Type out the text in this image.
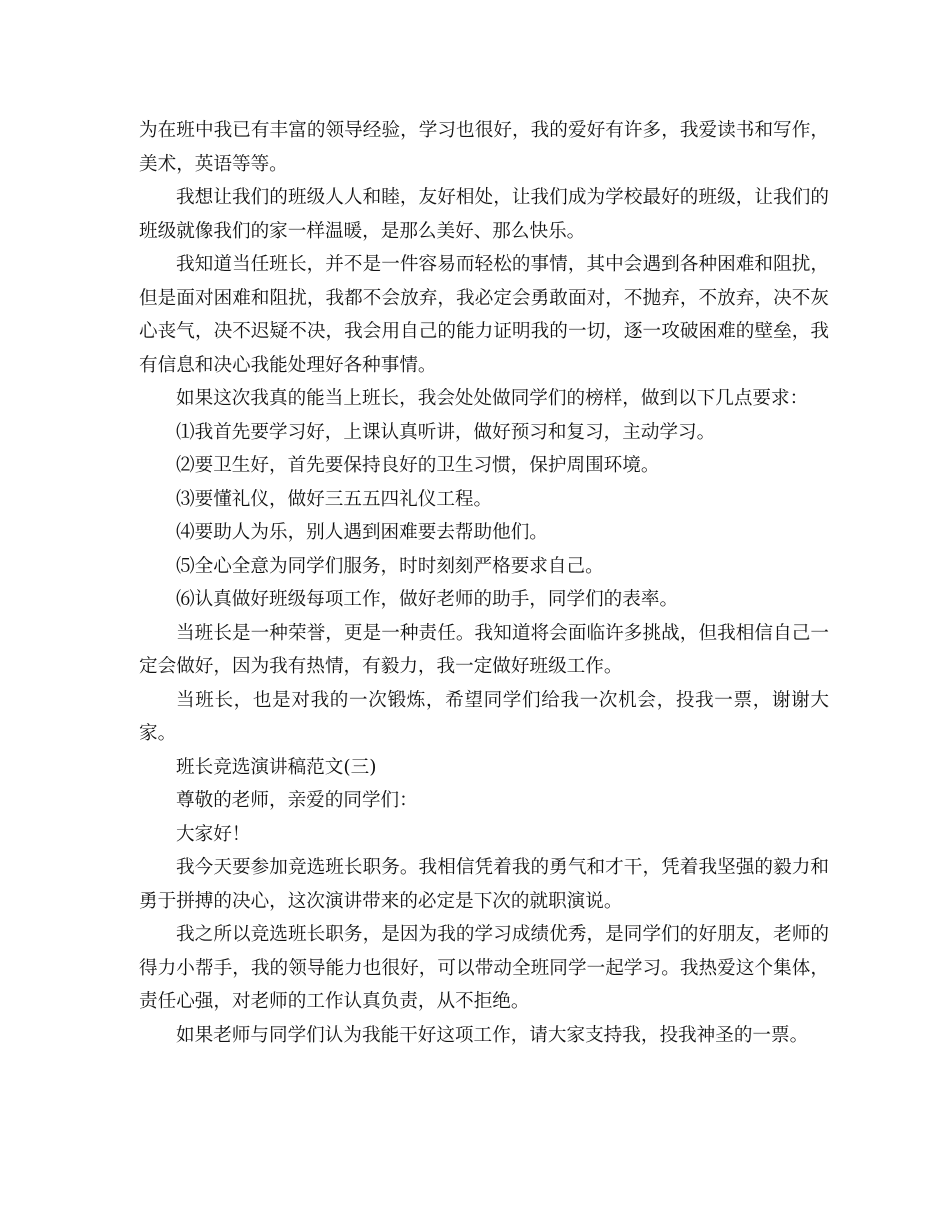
为在班中我已有丰富的领导经验，学习也很好，我的爱好有许多，我爱读书和写作，美术，英语等等。

我想让我们的班级人人和睦，友好相处，让我们成为学校最好的班级，让我们的班级就像我们的家一样温暖，是那么美好、那么快乐。

我知道当任班长，并不是一件容易而轻松的事情，其中会遇到各种困难和阻扰，但是面对困难和阻扰，我都不会放弃，我必定会勇敢面对，不抛弃，不放弃，决不灰心丧气，决不迟疑不决，我会用自己的能力证明我的一切，逐一攻破困难的壁垒，我有信息和决心我能处理好各种事情。

如果这次我真的能当上班长，我会处处做同学们的榜样，做到以下几点要求：

⑴我首先要学习好，上课认真听讲，做好预习和复习，主动学习。

⑵要卫生好，首先要保持良好的卫生习惯，保护周围环境。

⑶要懂礼仪，做好三五五四礼仪工程。

⑷要助人为乐，别人遇到困难要去帮助他们。

⑸全心全意为同学们服务，时时刻刻严格要求自己。

⑹认真做好班级每项工作，做好老师的助手，同学们的表率。

当班长是一种荣誉，更是一种责任。我知道将会面临许多挑战，但我相信自己一定会做好，因为我有热情，有毅力，我一定做好班级工作。

当班长，也是对我的一次锻炼，希望同学们给我一次机会，投我一票，谢谢大家。

班长竞选演讲稿范文(三)

尊敬的老师，亲爱的同学们：

大家好！

我今天要参加竞选班长职务。我相信凭着我的勇气和才干，凭着我坚强的毅力和勇于拼搏的决心，这次演讲带来的必定是下次的就职演说。

我之所以竞选班长职务，是因为我的学习成绩优秀，是同学们的好朋友，老师的得力小帮手，我的领导能力也很好，可以带动全班同学一起学习。我热爱这个集体，责任心强，对老师的工作认真负责，从不拒绝。

如果老师与同学们认为我能干好这项工作，请大家支持我，投我神圣的一票。
